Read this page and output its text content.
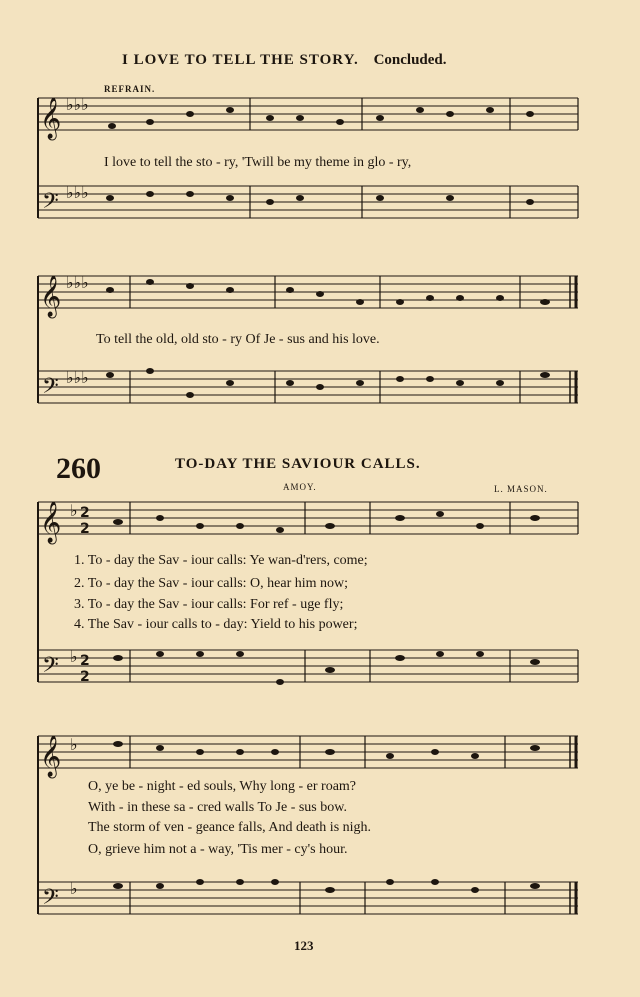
I LOVE TO TELL THE STORY. Concluded.
REFRAIN.
𝄞
𝄢
𝄞
𝄢
𝄞
𝄢
𝄞
𝄢
♭♭♭
♭♭♭
♭♭♭
♭♭♭
♭
♭
♭
♭
2
2
2
2
I love to tell the sto - ry, 'Twill be my theme in glo - ry,
To tell the old, old sto - ry Of Je - sus and his love.
260	TO-DAY THE SAVIOUR CALLS.
AMOY.	L. MASON.
1. To - day the Sav - iour calls: Ye wan-d'rers, come;
2. To - day the Sav - iour calls: O, hear him now;
3. To - day the Sav - iour calls: For ref - uge fly;
4. The Sav - iour calls to - day: Yield to his power;
O, ye be - night - ed souls, Why long - er roam?
With - in these sa - cred walls To Je - sus bow.
The storm of ven - geance falls, And death is nigh.
O, grieve him not a - way, 'Tis mer - cy's hour.
123
